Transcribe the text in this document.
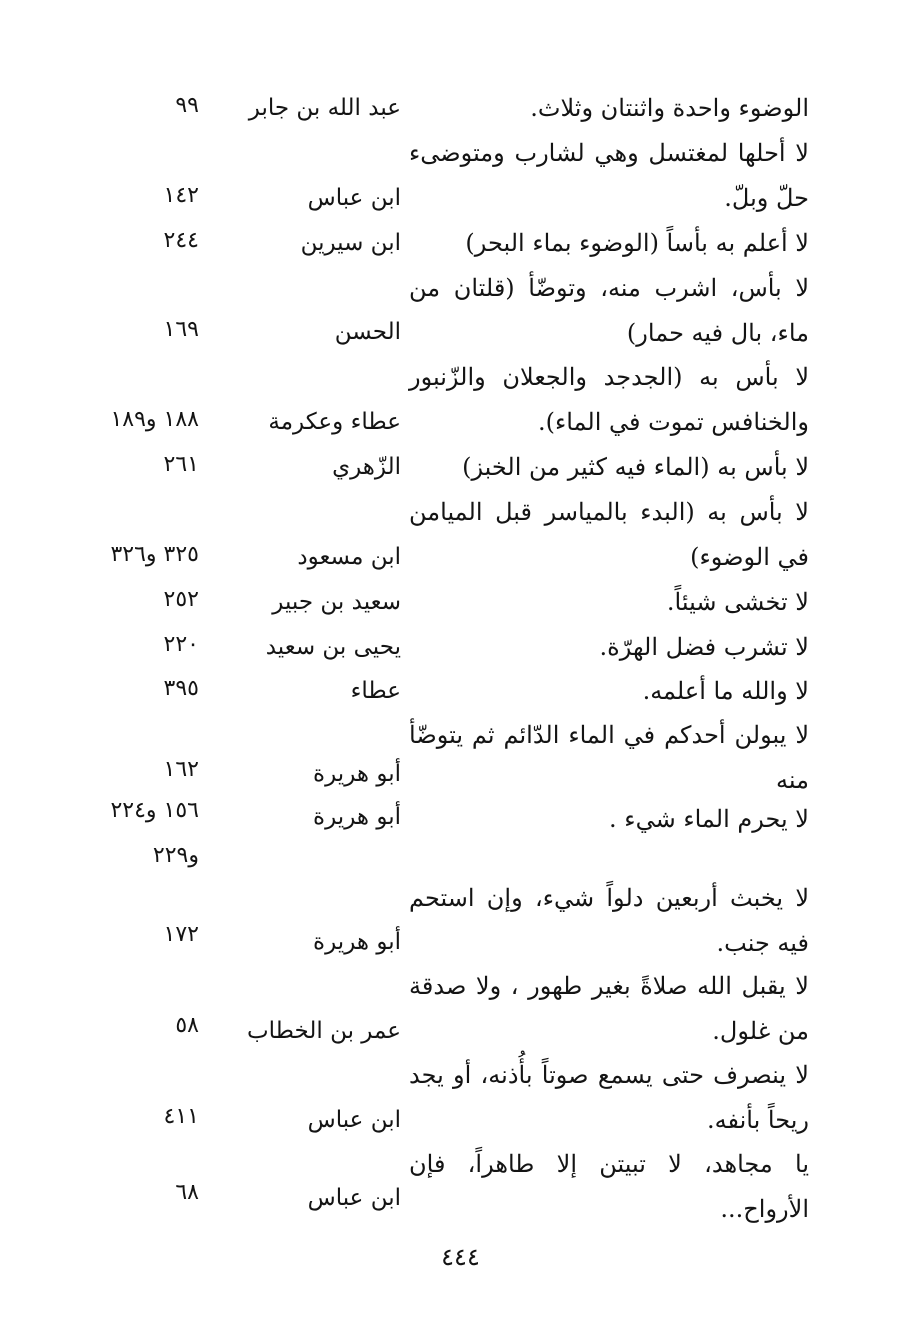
الوضوء واحدة واثنتان وثلاث.
عبد الله بن جابر
٩٩
لا أحلها لمغتسل وهي لشارب ومتوضىء حلّ وبلّ.
ابن عباس
١٤٢
لا أعلم به بأساً (الوضوء بماء البحر)
ابن سيرين
٢٤٤
لا بأس، اشرب منه، وتوضّأ (قلتان من ماء، بال فيه حمار)
الحسن
١٦٩
لا بأس به (الجدجد والجعلان والزّنبور والخنافس تموت في الماء).
عطاء وعكرمة
١٨٨ و١٨٩
لا بأس به (الماء فيه كثير من الخبز)
الزّهري
٢٦١
لا بأس به (البدء بالمياسر قبل الميامن في الوضوء)
ابن مسعود
٣٢٥ و٣٢٦
لا تخشى شيئاً.
سعيد بن جبير
٢٥٢
لا تشرب فضل الهرّة.
يحيى بن سعيد
٢٢٠
لا والله ما أعلمه.
عطاء
٣٩٥
لا يبولن أحدكم في الماء الدّائم ثم يتوضّأ منه
أبو هريرة
١٦٢
لا يحرم الماء شيء .
أبو هريرة
١٥٦ و٢٢٤ و٢٢٩
لا يخبث أربعين دلواً شيء، وإن استحم فيه جنب.
أبو هريرة
١٧٢
لا يقبل الله صلاةً بغير طهور ، ولا صدقة من غلول.
عمر بن الخطاب
٥٨
لا ينصرف حتى يسمع صوتاً بأُذنه، أو يجد ريحاً بأنفه.
ابن عباس
٤١١
يا مجاهد، لا تبيتن إلا طاهراً، فإن الأرواح...
ابن عباس
٦٨
٤٤٤
